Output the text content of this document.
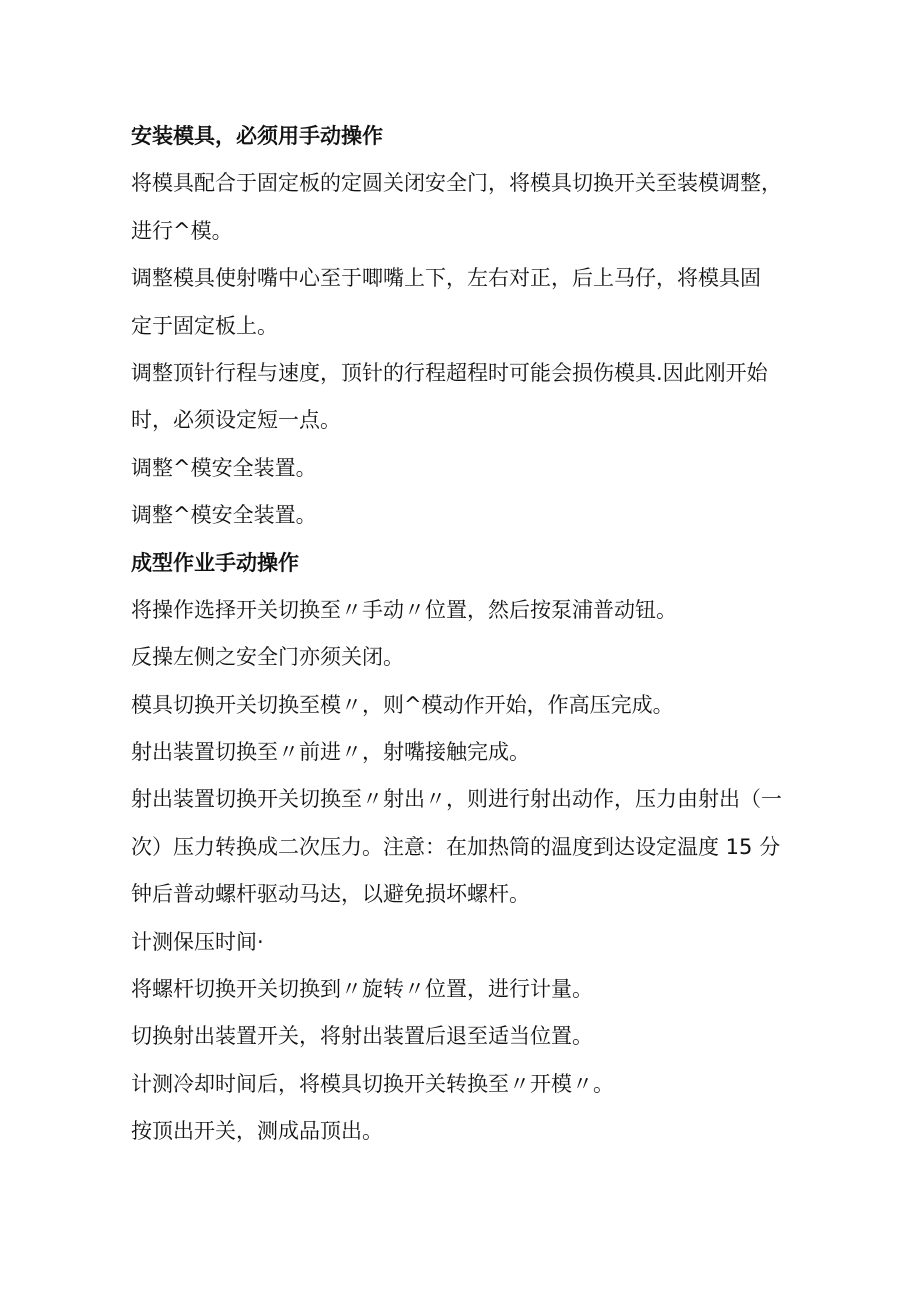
安装模具，必须用手动操作
将模具配合于固定板的定圆关闭安全门，将模具切换开关至装模调整，
进行^模。
调整模具使射嘴中心至于唧嘴上下，左右对正，后上马仔，将模具固
定于固定板上。
调整顶针行程与速度，顶针的行程超程时可能会损伤模具.因此刚开始
时，必须设定短一点。
调整^模安全装置。
调整^模安全装置。
成型作业手动操作
将操作选择开关切换至〃手动〃位置，然后按泵浦普动钮。
反操左侧之安全门亦须关闭。
模具切换开关切换至模〃，则^模动作开始，作高压完成。
射出装置切换至〃前进〃，射嘴接触完成。
射出装置切换开关切换至〃射出〃，则进行射出动作，压力由射出（一
次）压力转换成二次压力。注意：在加热筒的温度到达设定温度 15 分
钟后普动螺杆驱动马达，以避免损坏螺杆。
计测保压时间·
将螺杆切换开关切换到〃旋转〃位置，进行计量。
切换射出装置开关，将射出装置后退至适当位置。
计测冷却时间后，将模具切换开关转换至〃开模〃。
按顶出开关，测成品顶出。
